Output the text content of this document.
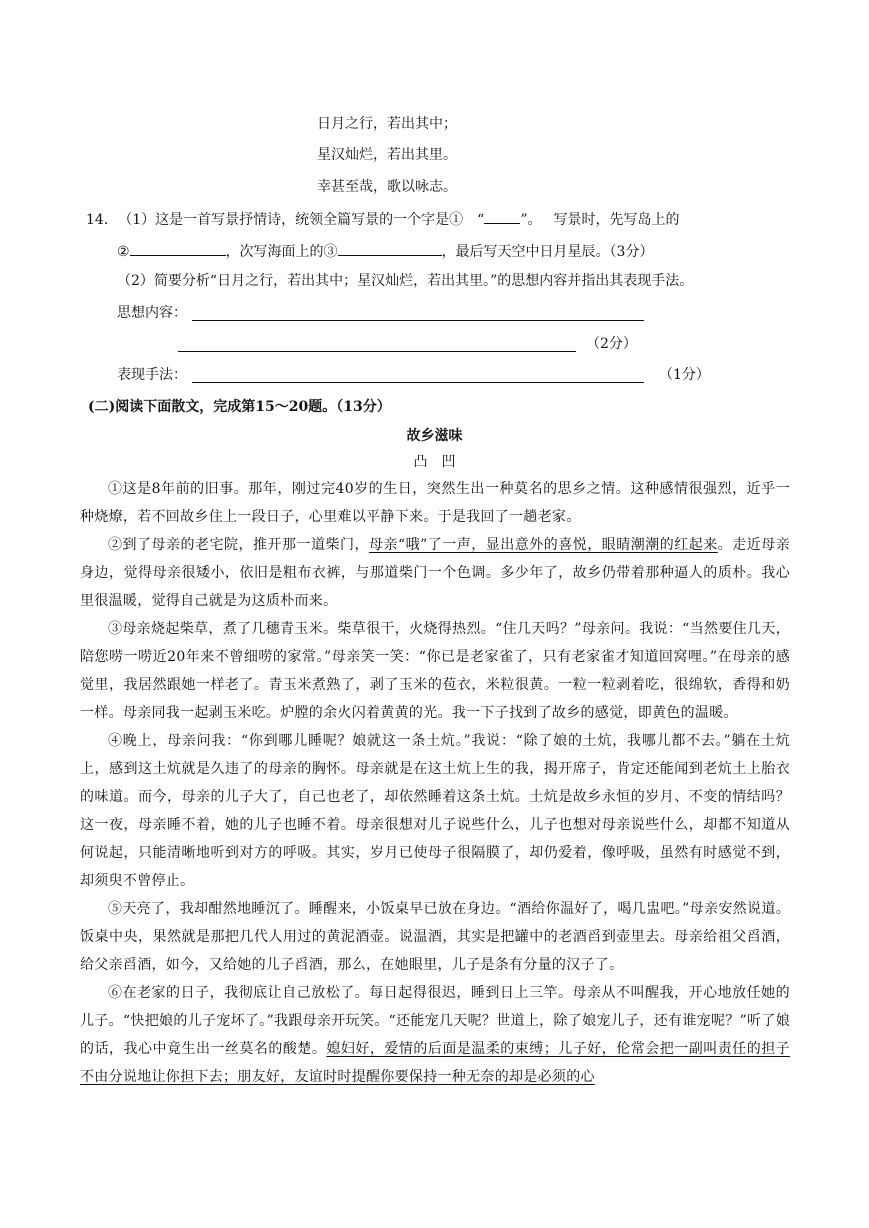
日月之行，若出其中；
星汉灿烂，若出其里。
幸甚至哉，歌以咏志。
14. （1）这是一首写景抒情诗，统领全篇写景的一个字是① “	”。 写景时，先写岛上的
②	，次写海面上的③	，最后写天空中日月星辰。（3分）
（2）简要分析“日月之行，若出其中；星汉灿烂，若出其里。”的思想内容并指出其表现手法。
思想内容：
（2分）
表现手法：	（1分）
(二)阅读下面散文，完成第15～20题。（13分）
故乡滋味
凸　凹

①这是8年前的旧事。那年，刚过完40岁的生日，突然生出一种莫名的思乡之情。这种感情很强烈，近乎一种烧燎，若不回故乡住上一段日子，心里难以平静下来。于是我回了一趟老家。

②到了母亲的老宅院，推开那一道柴门，母亲“哦”了一声，显出意外的喜悦，眼睛潮潮的红起来。走近母亲身边，觉得母亲很矮小，依旧是粗布衣裤，与那道柴门一个色调。多少年了，故乡仍带着那种逼人的质朴。我心里很温暖，觉得自己就是为这质朴而来。

③母亲烧起柴草，煮了几穗青玉米。柴草很干，火烧得热烈。“住几天吗？”母亲问。我说：“当然要住几天，陪您唠一唠近20年来不曾细唠的家常。”母亲笑一笑：“你已是老家雀了，只有老家雀才知道回窝哩。”在母亲的感觉里，我居然跟她一样老了。青玉米煮熟了，剥了玉米的苞衣，米粒很黄。一粒一粒剥着吃，很绵软，香得和奶一样。母亲同我一起剥玉米吃。炉膛的余火闪着黄黄的光。我一下子找到了故乡的感觉，即黄色的温暖。

④晚上，母亲问我：“你到哪儿睡呢？娘就这一条土炕。”我说：“除了娘的土炕，我哪儿都不去。”躺在土炕上，感到这土炕就是久违了的母亲的胸怀。母亲就是在这土炕上生的我，揭开席子，肯定还能闻到老炕土上胎衣的味道。而今，母亲的儿子大了，自己也老了，却依然睡着这条土炕。土炕是故乡永恒的岁月、不变的情结吗？这一夜，母亲睡不着，她的儿子也睡不着。母亲很想对儿子说些什么，儿子也想对母亲说些什么，却都不知道从何说起，只能清晰地听到对方的呼吸。其实，岁月已使母子很隔膜了，却仍爱着，像呼吸，虽然有时感觉不到，却须臾不曾停止。

⑤天亮了，我却酣然地睡沉了。睡醒来，小饭桌早已放在身边。“酒给你温好了，喝几盅吧。”母亲安然说道。饭桌中央，果然就是那把几代人用过的黄泥酒壶。说温酒，其实是把罐中的老酒舀到壶里去。母亲给祖父舀酒，给父亲舀酒，如今，又给她的儿子舀酒，那么，在她眼里，儿子是条有分量的汉子了。

⑥在老家的日子，我彻底让自己放松了。每日起得很迟，睡到日上三竿。母亲从不叫醒我，开心地放任她的儿子。“快把娘的儿子宠坏了。”我跟母亲开玩笑。“还能宠几天呢？世道上，除了娘宠儿子，还有谁宠呢？”听了娘的话，我心中竟生出一丝莫名的酸楚。媳妇好，爱情的后面是温柔的束缚；儿子好，伦常会把一副叫责任的担子不由分说地让你担下去；朋友好，友谊时时提醒你要保持一种无奈的却是必须的心
